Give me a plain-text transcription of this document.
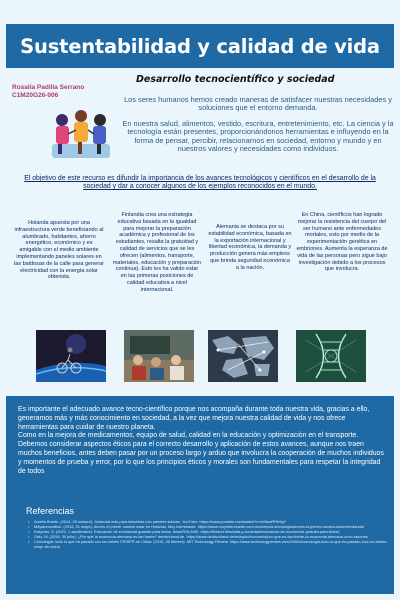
Sustentabilidad y calidad de vida
Rosalía Padilla Serrano
C1M20G26-006
Desarrollo tecnocientífico y sociedad

Los seres humanos hemos creado maneras de satisfacer nuestras necesidades y soluciones que el entorno demanda.

En nuestra salud, alimentos, vestido, escritura, entretenimiento, etc. La ciencia y la tecnología están presentes, proporcionándonos herramientas e influyendo en la forma de pensar, percibir, relacionarnos en sociedad, entorno y mundo y en nuestros valores y necesidades como individuos.

El objetivo de este recurso es difundir la importancia de los avances tecnológicos y científicos en el desarrollo de la sociedad y dar a conocer algunos de los ejemplos reconocidos en el mundo.
Holanda apuesta por una infraestructura verde beneficiando al alumbrado, habitantes, ahorro energético, económico y es amigable con el medio ambiente implementando paneles solares en las baldosas de la calle para generar electricidad con la energía solar obtenida.
Finlandia crea una estrategia educativa basada en la igualdad para mejorar la preparación académica y profesional de los estudiantes, resalta la gratuidad y calidad de servicios que se les ofrecen (alimentos, transporte, materiales, educación y preparación continua). Esto les ha valido estar en las primeras posiciones de calidad educativa a nivel internacional.
Alemania se destaca por su estabilidad económica, basada en la exportación internacional y libertad económica, la demanda y producción genera más empleos que brinda seguridad económica a la nación.
En China, científicos han logrado mejorar la resistencia del cuerpo del ser humano ante enfermedades mortales, esto por medio de la experimentación genética en embriones. Aumenta la esperanza de vida de las personas pero sigue bajo investigación debido a los procesos que involucra.

Es importante el adecuado avance tecno-científico porque nos acompaña durante toda nuestra vida, gracias a ello, generamos más y más conocimiento en sociedad, a la vez que mejora nuestra calidad de vida y nos ofrece herramientas para cuidar de nuestro planeta.

Como en la mejora de medicamentos, equipo de salud, calidad en la educación y optimización en el transporte.

Debemos considerar aspectos éticos para el correcto desarrollo y aplicación de estos avances, aunque nos traen muchos beneficios, antes deben pasar por un proceso largo y arduo que involucra la cooperación de muchos individuos y momentos de prueba y error, por lo que los principios éticos y morales son fundamentales para respetar la integridad de todos

Referencias
• Amelia Buede. (2014, 28 octubre). Solaroad más para bicicletas con paneles solares. YouTube. https://www.youtube.com/watch?v=ieMwzRRe9gY
• Mayainnovation. (2016, 31 mayo). Ahorro el primer camino solar en Holanda. Muy interesante. https://www.muyinteresante.com.mx/ciencia-tecnologia/ahorra-el-primer-camino-solarenholanda/
• Kasynen, S. (2022, 1 septiembre). Educación de excelencia gratuita para todos. thisisFINLAND. https://finland.fi/es/vida-y-sociedad/educacion-de-excelencia-gratuita-para-todos/
• Ortiz, M. (2016, 30 julio). ¿Por qué la economía alemana es tan fuerte? deutschland.de. https://www.deutschland.de/es/topic/economia/por-que-es-tan-fuerte-la-economia-alemana-ocho-razones
• Cronología: todo lo que ha pasado con los bebés CRISPR de China. (2019, 26 febrero). MIT Technology Review. https://www.technologyreview.es/s/10984/cronologia-todo-lo-que-ha-pasado-con-los-bebes-crispr-de-china
